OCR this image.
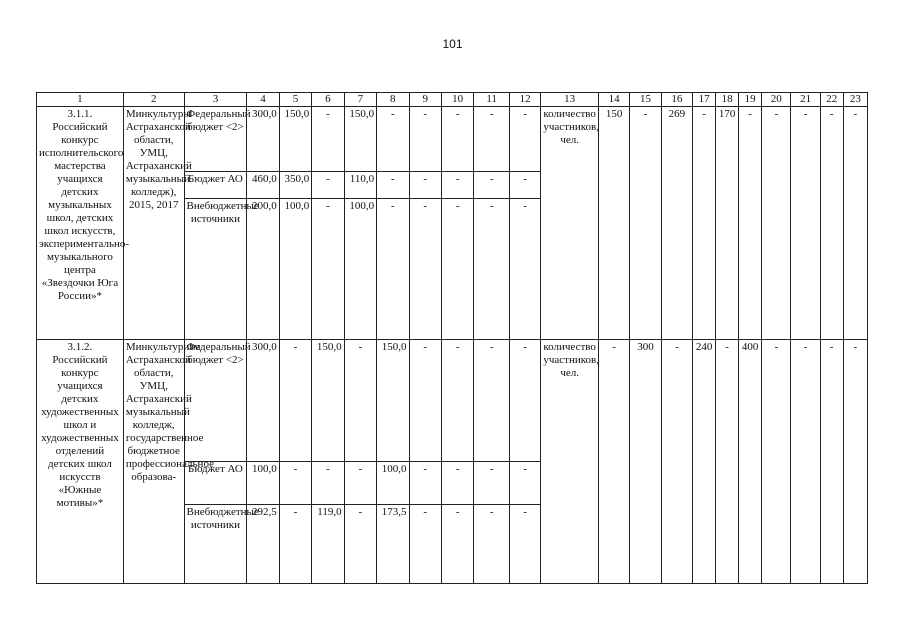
101
1	2	3	4	5	6	7	8	9	10	11	12	13	14	15	16	17	18	19	20	21	22	23
3.1.1. Российский конкурс исполнительского мастерства учащихся детских музыкальных школ, детских школ искусств, экспериментально-музыкального центра «Звездочки Юга России»*	Минкультуры Астраханской области, УМЦ, Астраханский музыкальный колледж), 2015, 2017	Федеральный бюджет <2>	300,0	150,0	-	150,0	-	-	-	-	-	количество участников, чел.	150	-	269	-	170	-	-	-	-	-
		Бюджет АО	460,0	350,0	-	110,0	-	-	-	-	-											
		Внебюджетные источники	200,0	100,0	-	100,0	-	-	-	-	-											
3.1.2. Российский конкурс учащихся детских художественных школ и художественных отделений детских школ искусств «Южные мотивы»*	Минкультуризм Астраханской области, УМЦ, Астраханский музыкальный колледж, государственное бюджетное профессиональное образова-	Федеральный бюджет <2>	300,0	-	150,0	-	150,0	-	-	-	-	количество участников, чел.	-	300	-	240	-	400	-	-	-	-
		Бюджет АО	100,0	-	-	-	100,0	-	-	-	-											
		Внебюджетные источники	292,5	-	119,0	-	173,5	-	-	-	-											
